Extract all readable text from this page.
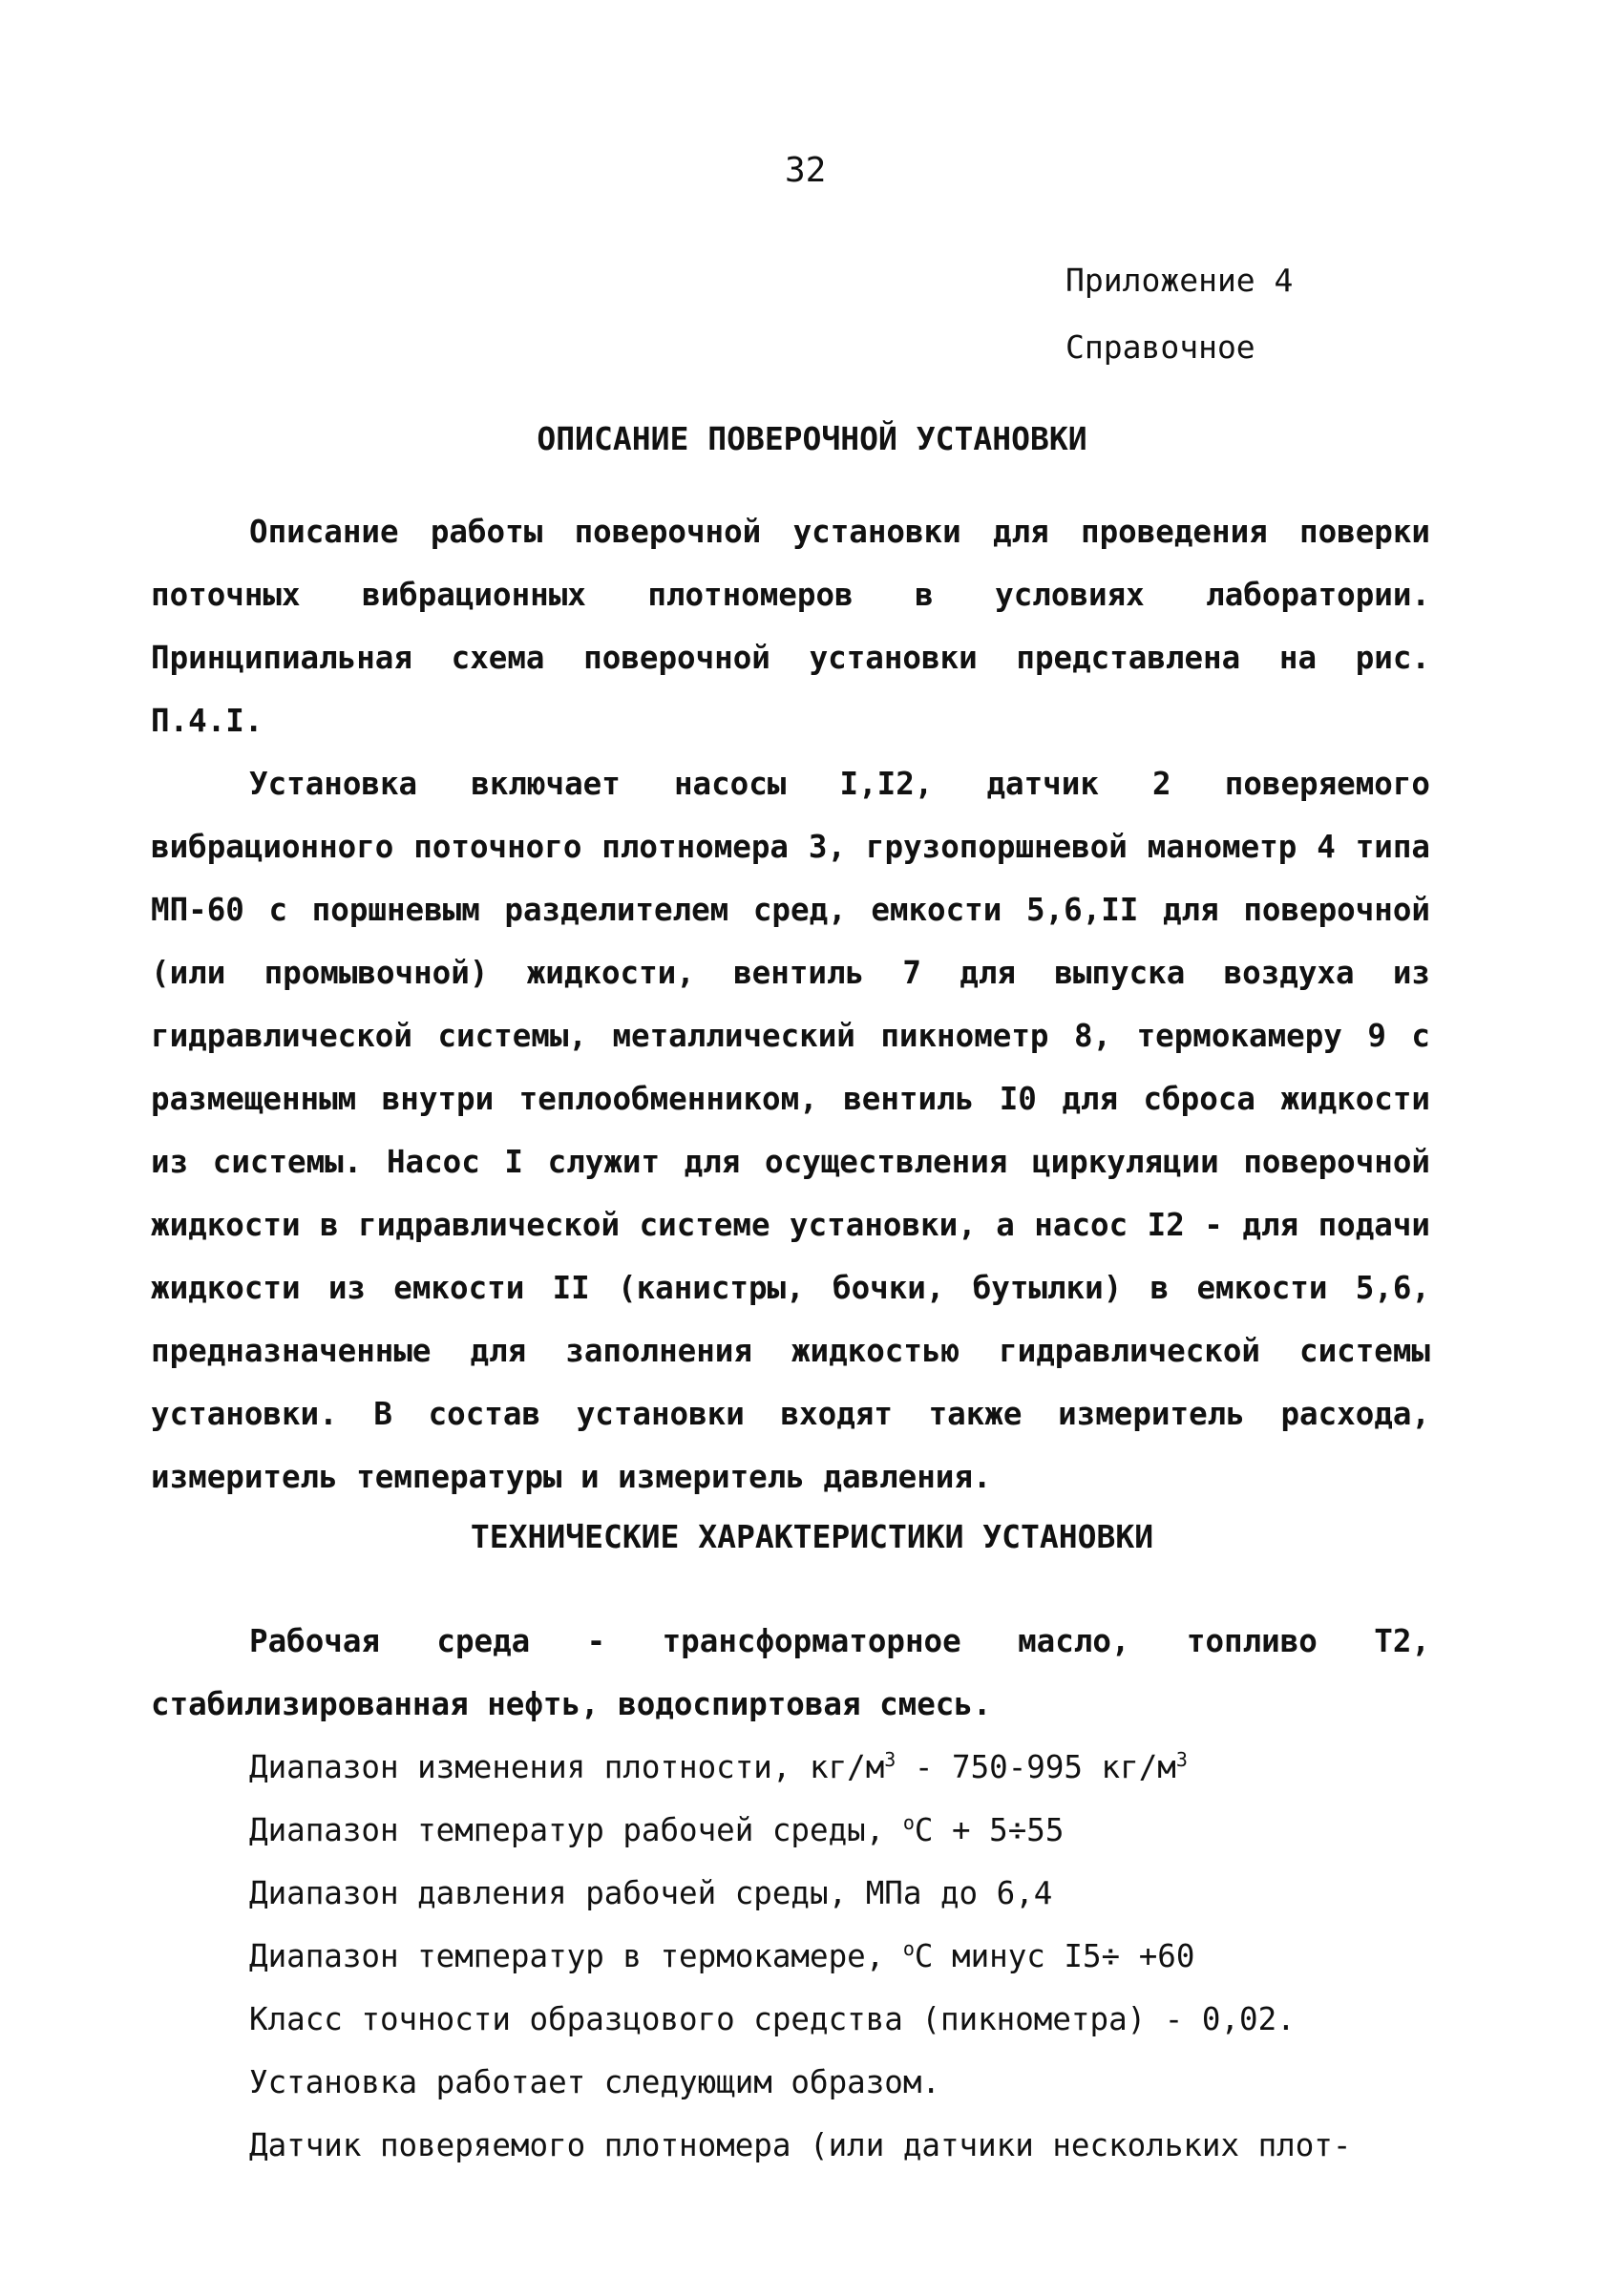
32
Приложение 4
Справочное
ОПИСАНИЕ ПОВЕРОЧНОЙ УСТАНОВКИ

Описание работы поверочной установки для проведения поверки поточных вибрационных плотномеров в условиях лаборатории. Принципиальная схема поверочной установки представлена на рис. П.4.I.

Установка включает насосы I,I2, датчик 2 поверяемого вибрационного поточного плотномера 3, грузопоршневой манометр 4 типа МП-60 с поршневым разделителем сред, емкости 5,6,II для поверочной (или промывочной) жидкости, вентиль 7 для выпуска воздуха из гидравлической системы, металлический пикнометр 8, термокамеру 9 с размещенным внутри теплообменником, вентиль I0 для сброса жидкости из системы. Насос I служит для осуществления циркуляции поверочной жидкости в гидравлической системе установки, а насос I2 - для подачи жидкости из емкости II (канистры, бочки, бутылки) в емкости 5,6, предназначенные для заполнения жидкостью гидравлической системы установки. В состав установки входят также измеритель расхода, измеритель температуры и измеритель давления.

ТЕХНИЧЕСКИЕ ХАРАКТЕРИСТИКИ УСТАНОВКИ

Рабочая среда - трансформаторное масло, топливо Т2, стабилизированная нефть, водоспиртовая смесь.

Диапазон изменения плотности, $кг/м^3 - 750-995$ $кг/м^3$

Диапазон температур рабочей среды, $^o$С + 5÷55

Диапазон давления рабочей среды, МПа до 6,4

Диапазон температур в термокамере, $^o$С минус I5÷ +60

Класс точности образцового средства (пикнометра) - 0,02.

Установка работает следующим образом.

Датчик поверяемого плотномера (или датчики нескольких плот-
